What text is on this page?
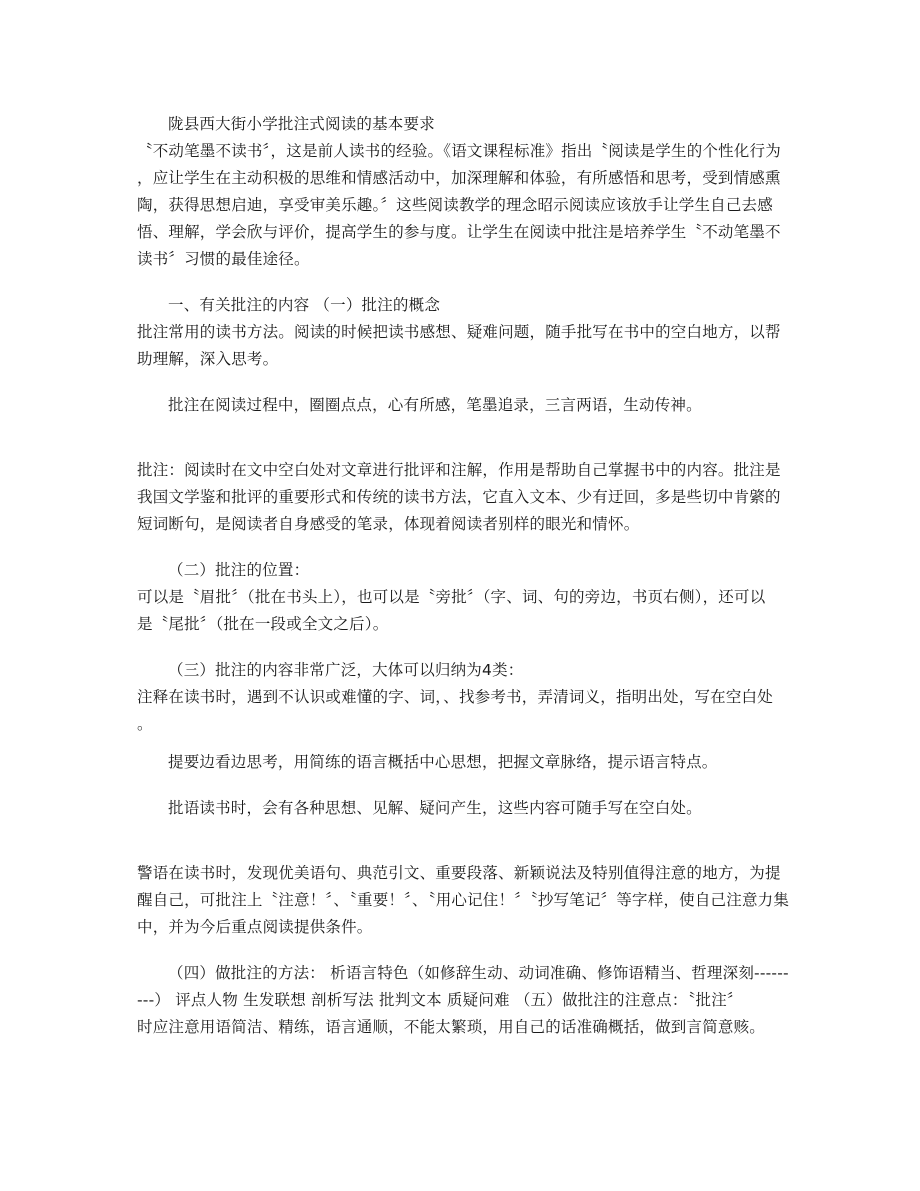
陇县西大街小学批注式阅读的基本要求
〝不动笔墨不读书〞，这是前人读书的经验。《语文课程标准》指出〝阅读是学生的个性化行为
，应让学生在主动积极的思维和情感活动中，加深理解和体验，有所感悟和思考，受到情感熏
陶，获得思想启迪，享受审美乐趣。〞这些阅读教学的理念昭示阅读应该放手让学生自己去感
悟、理解，学会欣与评价，提高学生的参与度。让学生在阅读中批注是培养学生〝不动笔墨不
读书〞习惯的最佳途径。
一、有关批注的内容 （一）批注的概念
批注常用的读书方法。阅读的时候把读书感想、疑难问题，随手批写在书中的空白地方，以帮
助理解，深入思考。
批注在阅读过程中，圈圈点点，心有所感，笔墨追录，三言两语，生动传神。
批注：阅读时在文中空白处对文章进行批评和注解，作用是帮助自己掌握书中的内容。批注是
我国文学鉴和批评的重要形式和传统的读书方法，它直入文本、少有迂回，多是些切中肯綮的
短词断句，是阅读者自身感受的笔录，体现着阅读者别样的眼光和情怀。
（二）批注的位置：
可以是〝眉批〞（批在书头上），也可以是〝旁批〞（字、词、句的旁边，书页右侧），还可以
是〝尾批〞（批在一段或全文之后）。
（三）批注的内容非常广泛，大体可以归纳为4类：
注释在读书时，遇到不认识或难懂的字、词，、找参考书，弄清词义，指明出处，写在空白处
。
提要边看边思考，用简练的语言概括中心思想，把握文章脉络，提示语言特点。
批语读书时，会有各种思想、见解、疑问产生，这些内容可随手写在空白处。
警语在读书时，发现优美语句、典范引文、重要段落、新颖说法及特别值得注意的地方，为提
醒自己，可批注上〝注意！〞、〝重要！〞、〝用心记住！〞〝抄写笔记〞等字样，使自己注意力集
中，并为今后重点阅读提供条件。
（四）做批注的方法： 析语言特色（如修辞生动、动词准确、修饰语精当、哲理深刻------
---） 评点人物 生发联想 剖析写法 批判文本 质疑问难 （五）做批注的注意点：〝批注〞
时应注意用语简洁、精练，语言通顺，不能太繁琐，用自己的话准确概括，做到言简意赅。
